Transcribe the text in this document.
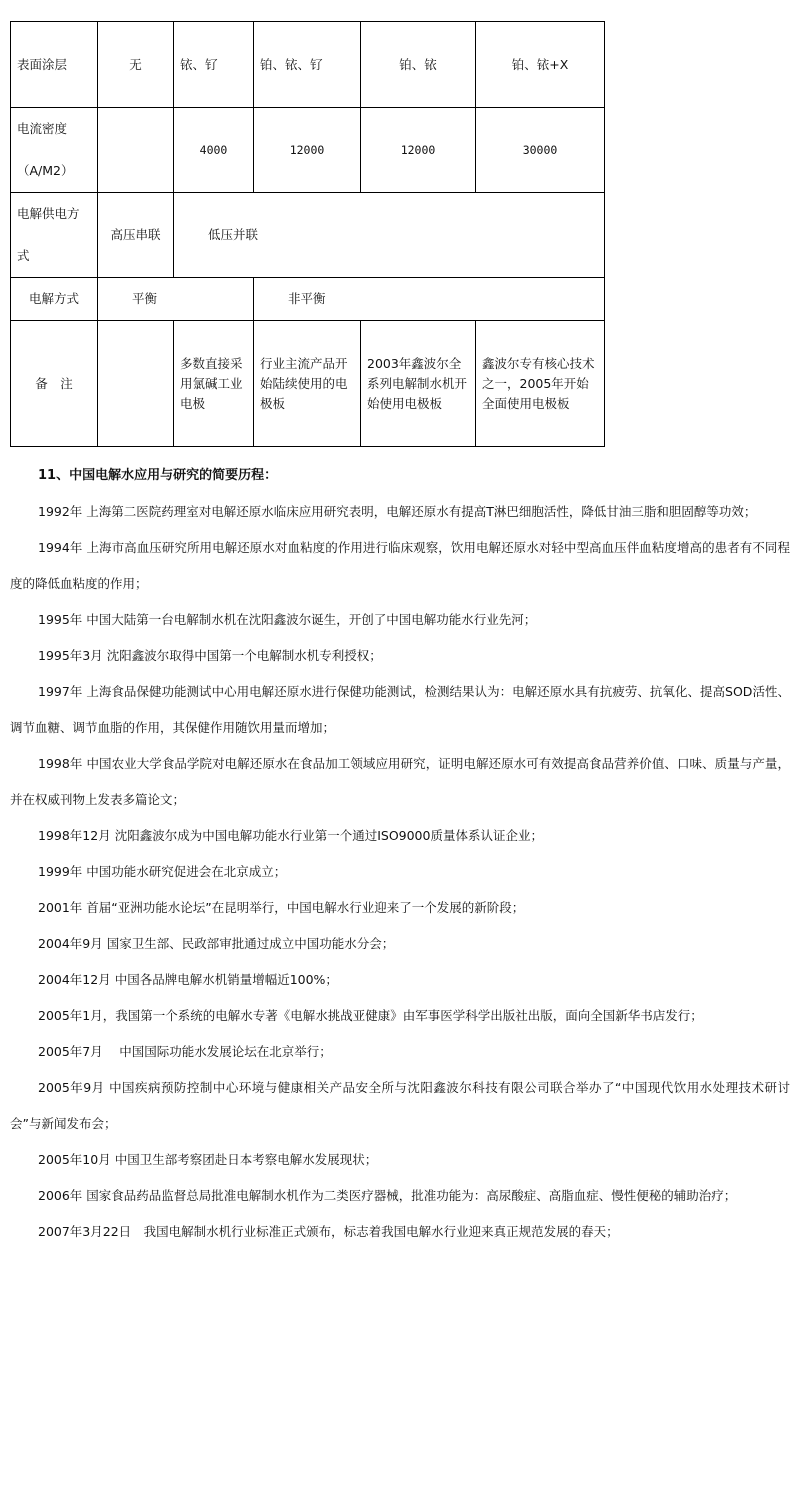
表面涂层	无	铱、钌	铂、铱、钌	铂、铱	铂、铱+X
电流密度（A/M2）		4000	12000	12000	30000
电解供电方式	高压串联	低压并联			
电解方式	平衡		非平衡		
备　注		多数直接采用氯碱工业电极	行业主流产品开始陆续使用的电极板	2003年鑫波尔全系列电解制水机开始使用电极板	鑫波尔专有核心技术之一，2005年开始全面使用电极板
11、中国电解水应用与研究的简要历程：

1992年 上海第二医院药理室对电解还原水临床应用研究表明，电解还原水有提高T淋巴细胞活性，降低甘油三脂和胆固醇等功效；

1994年 上海市高血压研究所用电解还原水对血粘度的作用进行临床观察，饮用电解还原水对轻中型高血压伴血粘度增高的患者有不同程度的降低血粘度的作用；

1995年 中国大陆第一台电解制水机在沈阳鑫波尔诞生，开创了中国电解功能水行业先河；

1995年3月 沈阳鑫波尔取得中国第一个电解制水机专利授权；

1997年 上海食品保健功能测试中心用电解还原水进行保健功能测试，检测结果认为：电解还原水具有抗疲劳、抗氧化、提高SOD活性、调节血糖、调节血脂的作用，其保健作用随饮用量而增加；

1998年 中国农业大学食品学院对电解还原水在食品加工领域应用研究，证明电解还原水可有效提高食品营养价值、口味、质量与产量，并在权威刊物上发表多篇论文；

1998年12月 沈阳鑫波尔成为中国电解功能水行业第一个通过ISO9000质量体系认证企业；

1999年 中国功能水研究促进会在北京成立；

2001年 首届“亚洲功能水论坛”在昆明举行，中国电解水行业迎来了一个发展的新阶段；

2004年9月 国家卫生部、民政部审批通过成立中国功能水分会；

2004年12月 中国各品牌电解水机销量增幅近100%；

2005年1月，我国第一个系统的电解水专著《电解水挑战亚健康》由军事医学科学出版社出版，面向全国新华书店发行；

2005年7月　 中国国际功能水发展论坛在北京举行；

2005年9月 中国疾病预防控制中心环境与健康相关产品安全所与沈阳鑫波尔科技有限公司联合举办了“中国现代饮用水处理技术研讨会”与新闻发布会；

2005年10月 中国卫生部考察团赴日本考察电解水发展现状；

2006年 国家食品药品监督总局批准电解制水机作为二类医疗器械，批准功能为：高尿酸症、高脂血症、慢性便秘的辅助治疗；

2007年3月22日　我国电解制水机行业标准正式颁布，标志着我国电解水行业迎来真正规范发展的春天；
